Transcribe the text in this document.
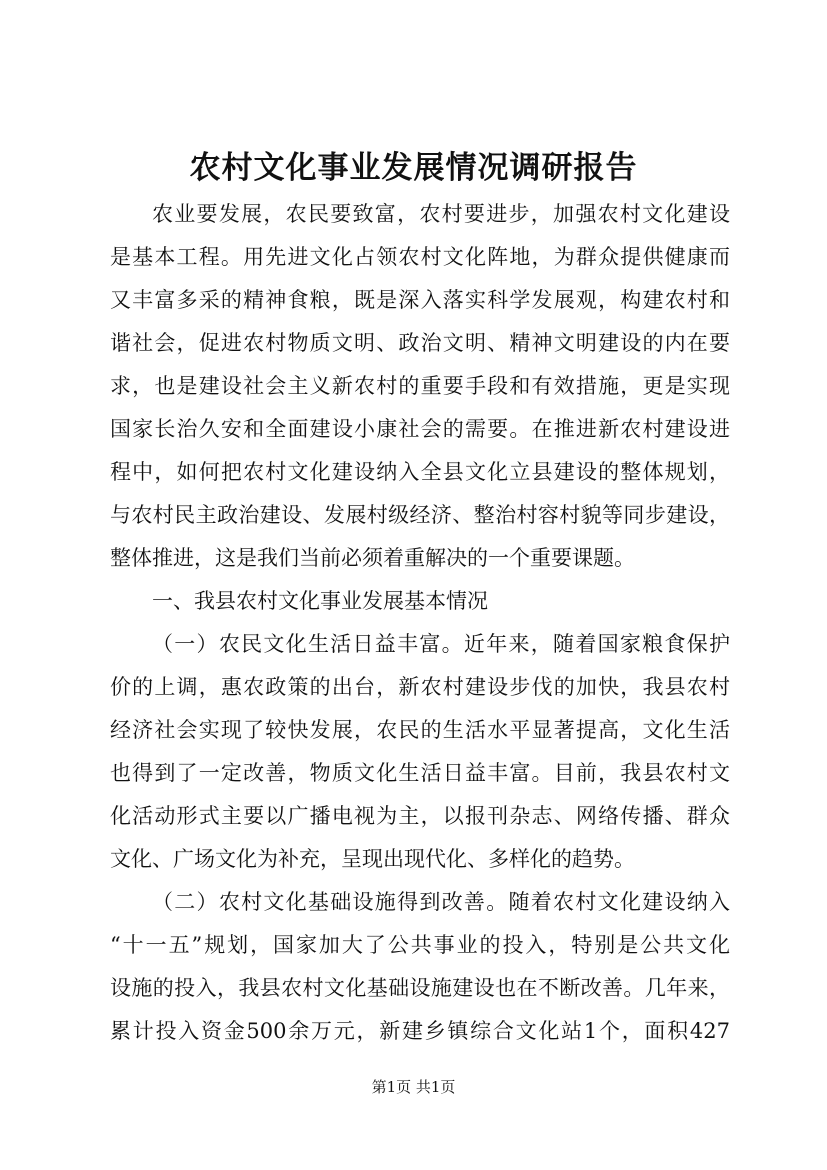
农村文化事业发展情况调研报告
农业要发展，农民要致富，农村要进步，加强农村文化建设
是基本工程。用先进文化占领农村文化阵地，为群众提供健康而
又丰富多采的精神食粮，既是深入落实科学发展观，构建农村和
谐社会，促进农村物质文明、政治文明、精神文明建设的内在要
求，也是建设社会主义新农村的重要手段和有效措施，更是实现
国家长治久安和全面建设小康社会的需要。在推进新农村建设进
程中，如何把农村文化建设纳入全县文化立县建设的整体规划，
与农村民主政治建设、发展村级经济、整治村容村貌等同步建设，
整体推进，这是我们当前必须着重解决的一个重要课题。
一、我县农村文化事业发展基本情况
（一）农民文化生活日益丰富。近年来，随着国家粮食保护
价的上调，惠农政策的出台，新农村建设步伐的加快，我县农村
经济社会实现了较快发展，农民的生活水平显著提高，文化生活
也得到了一定改善，物质文化生活日益丰富。目前，我县农村文
化活动形式主要以广播电视为主，以报刊杂志、网络传播、群众
文化、广场文化为补充，呈现出现代化、多样化的趋势。
（二）农村文化基础设施得到改善。随着农村文化建设纳入
“十一五”规划，国家加大了公共事业的投入，特别是公共文化
设施的投入，我县农村文化基础设施建设也在不断改善。几年来，
累计投入资金500余万元，新建乡镇综合文化站1个，面积427
第1页 共1页
